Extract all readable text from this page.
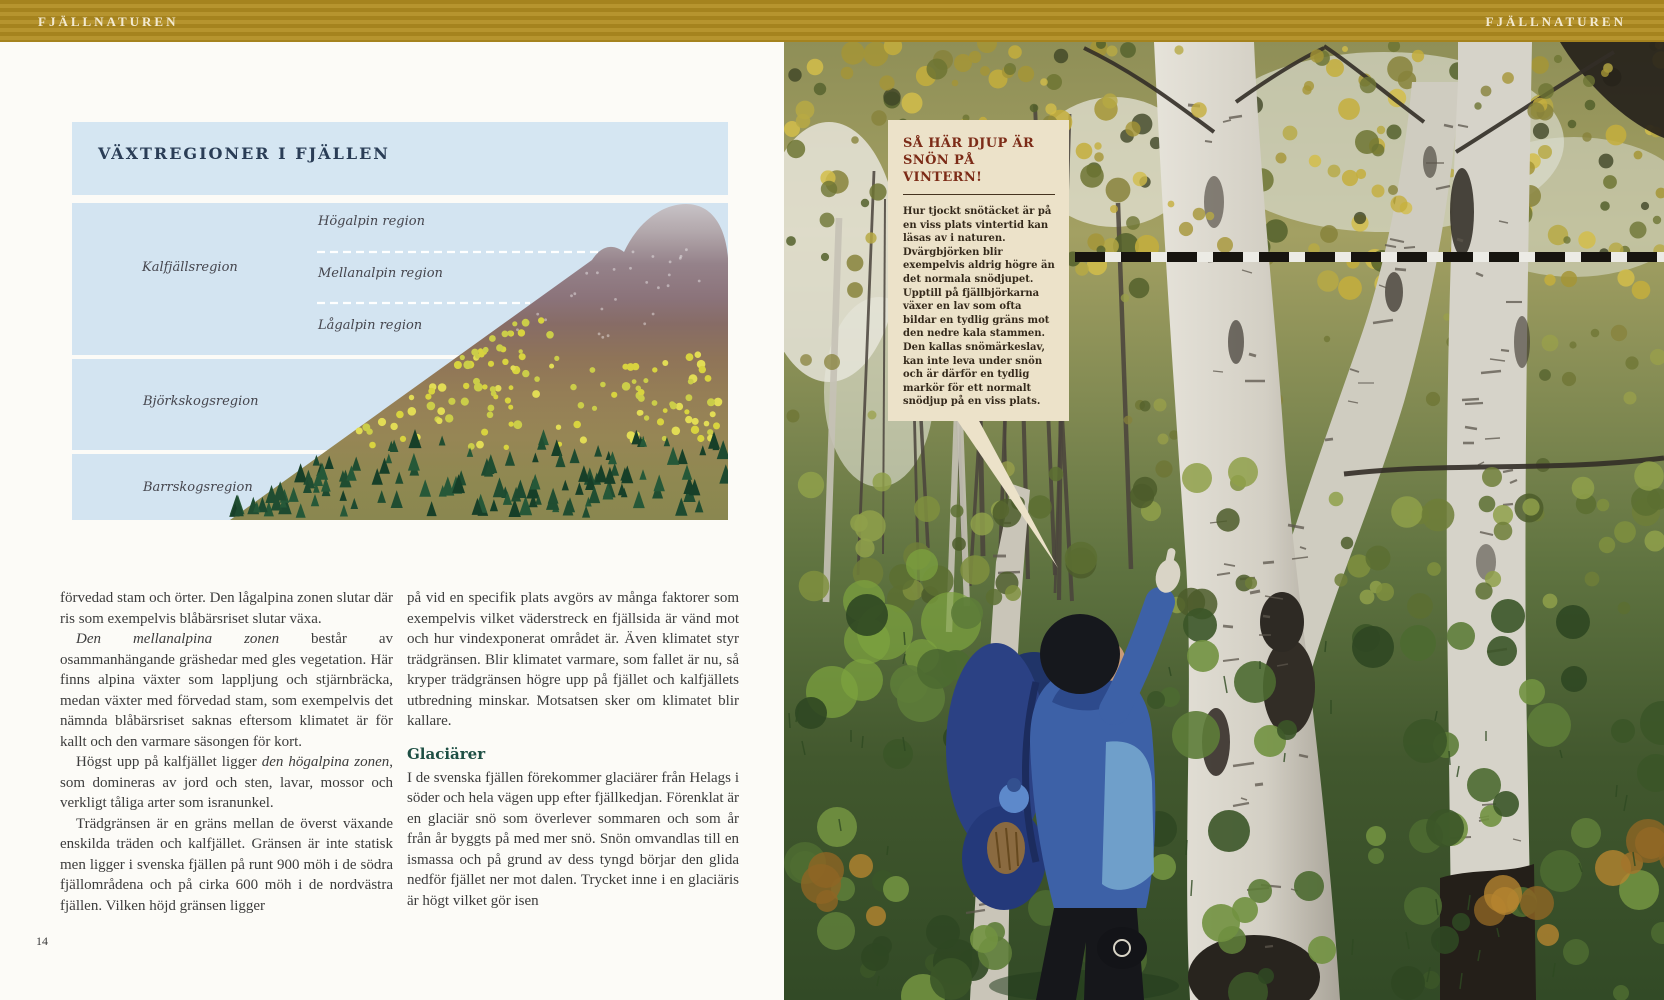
FJÄLLNATUREN	FJÄLLNATUREN
VÄXTREGIONER I FJÄLLEN
Kalfjällsregion
Högalpin region
Mellanalpin region
Lågalpin region
Björkskogsregion
Barrskogsregion

förvedad stam och örter. Den lågalpina zonen slutar där ris som exempelvis blåbärsriset slutar växa.

Den mellanalpina zonen består av osammanhängande gräshedar med gles vegetation. Här finns alpina växter som lappljung och stjärnbräcka, medan växter med förvedad stam, som exempelvis det nämnda blåbärsriset saknas eftersom klimatet är för kallt och den varmare säsongen för kort.

Högst upp på kalfjället ligger den högalpina zonen, som domineras av jord och sten, lavar, mossor och verkligt tåliga arter som isranunkel.

Trädgränsen är en gräns mellan de överst växande enskilda träden och kalfjället. Gränsen är inte statisk men ligger i svenska fjällen på runt 900 möh i de södra fjällområdena och på cirka 600 möh i de nordvästra fjällen. Vilken höjd gränsen ligger

på vid en specifik plats avgörs av många faktorer som exempelvis vilket väderstreck en fjällsida är vänd mot och hur vindexponerat området är. Även klimatet styr trädgränsen. Blir klimatet varmare, som fallet är nu, så kryper trädgränsen högre upp på fjället och kalfjällets utbredning minskar. Motsatsen sker om klimatet blir kallare.

Glaciärer

I de svenska fjällen förekommer glaciärer från Helags i söder och hela vägen upp efter fjällkedjan. Förenklat är en glaciär snö som överlever sommaren och som år från år byggts på med mer snö. Snön omvandlas till en ismassa och på grund av dess tyngd börjar den glida nedför fjället ner mot dalen. Trycket inne i en glaciäris är högt vilket gör isen

14
SÅ HÄR DJUP ÄR
SNÖN PÅ VINTERN!
Hur tjockt snötäcket är på en viss plats vintertid kan läsas av i naturen. Dvärgbjörken blir exempelvis aldrig högre än det normala snödjupet. Upptill på fjällbjörkarna växer en lav som ofta bildar en tydlig gräns mot den nedre kala stammen. Den kallas snömärkeslav, kan inte leva under snön och är därför en tydlig markör för ett normalt snödjup på en viss plats.
